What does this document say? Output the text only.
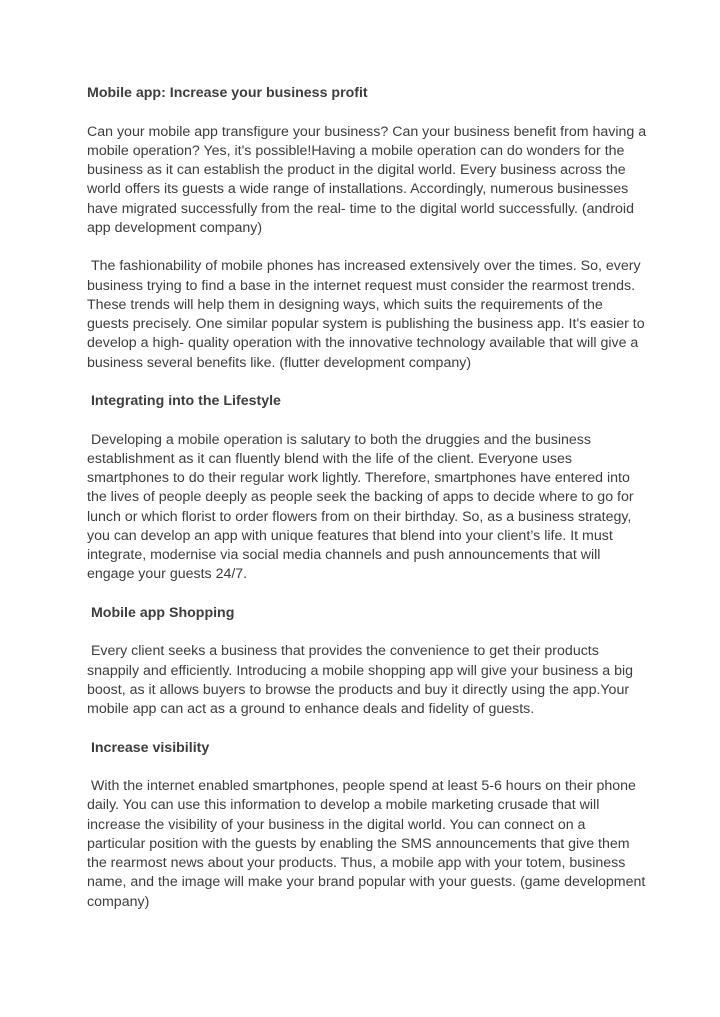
Mobile app: Increase your business profit

Can your mobile app transfigure your business? Can your business benefit from having a mobile operation? Yes, it's possible!Having a mobile operation can do wonders for the business as it can establish the product in the digital world. Every business across the world offers its guests a wide range of installations. Accordingly, numerous businesses have migrated successfully from the real- time to the digital world successfully. (android app development company)

The fashionability of mobile phones has increased extensively over the times. So, every business trying to find a base in the internet request must consider the rearmost trends. These trends will help them in designing ways, which suits the requirements of the guests precisely. One similar popular system is publishing the business app. It's easier to develop a high- quality operation with the innovative technology available that will give a business several benefits like. (flutter development company)

Integrating into the Lifestyle

Developing a mobile operation is salutary to both the druggies and the business establishment as it can fluently blend with the life of the client. Everyone uses smartphones to do their regular work lightly. Therefore, smartphones have entered into the lives of people deeply as people seek the backing of apps to decide where to go for lunch or which florist to order flowers from on their birthday. So, as a business strategy, you can develop an app with unique features that blend into your client’s life. It must integrate, modernise via social media channels and push announcements that will engage your guests 24/7.

Mobile app Shopping

Every client seeks a business that provides the convenience to get their products snappily and efficiently. Introducing a mobile shopping app will give your business a big boost, as it allows buyers to browse the products and buy it directly using the app.Your mobile app can act as a ground to enhance deals and fidelity of guests.

Increase visibility

With the internet enabled smartphones, people spend at least 5-6 hours on their phone daily. You can use this information to develop a mobile marketing crusade that will increase the visibility of your business in the digital world. You can connect on a particular position with the guests by enabling the SMS announcements that give them the rearmost news about your products. Thus, a mobile app with your totem, business name, and the image will make your brand popular with your guests. (game development company)
